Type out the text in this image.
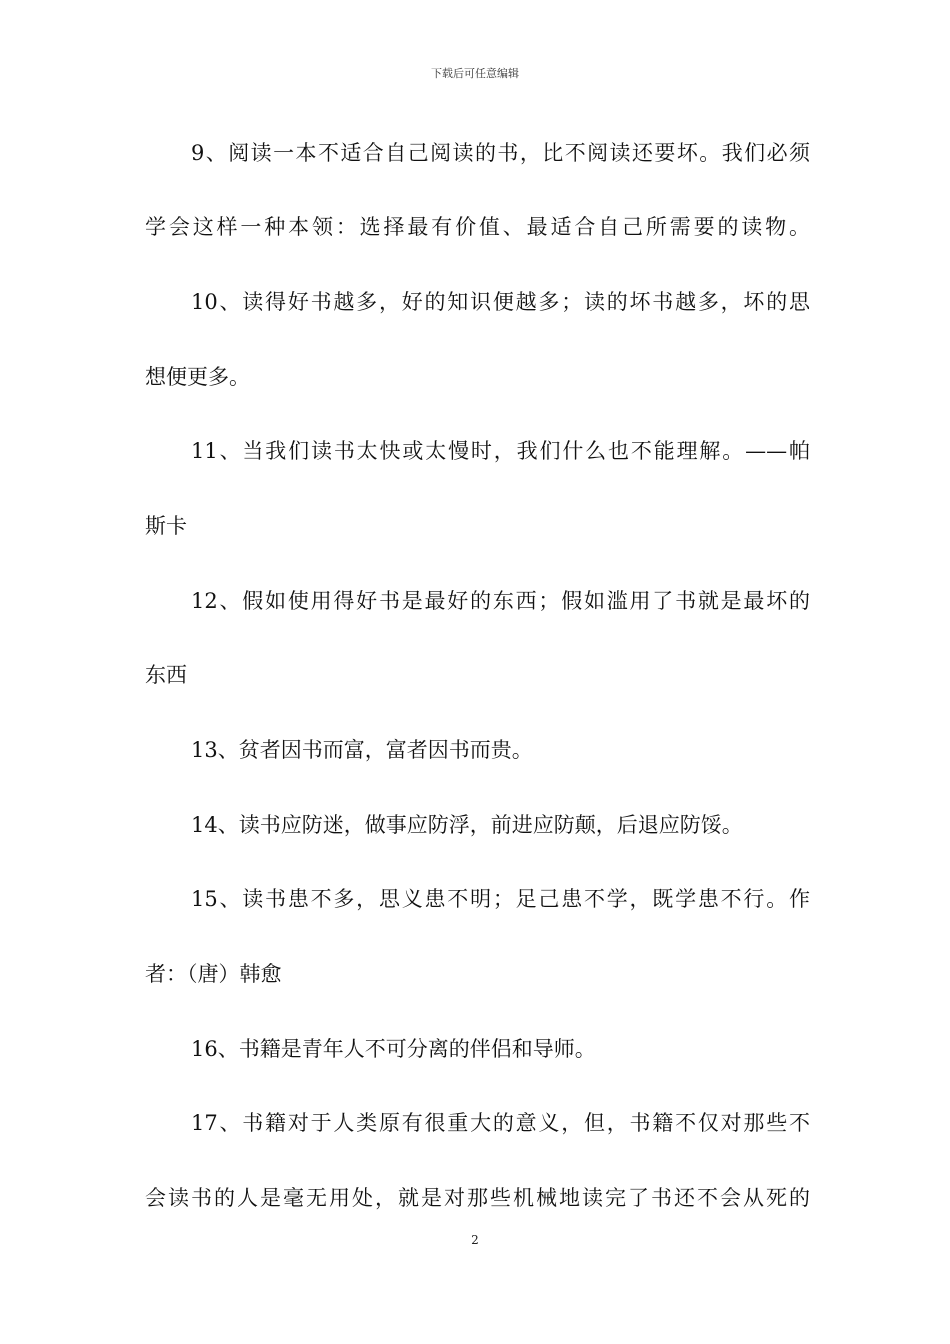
下载后可任意编辑
9、阅读一本不适合自己阅读的书，比不阅读还要坏。我们必须
学会这样一种本领：选择最有价值、最适合自己所需要的读物。
10、读得好书越多，好的知识便越多；读的坏书越多，坏的思
想便更多。
11、当我们读书太快或太慢时，我们什么也不能理解。——帕
斯卡
12、假如使用得好书是最好的东西；假如滥用了书就是最坏的
东西
13、贫者因书而富，富者因书而贵。
14、读书应防迷，做事应防浮，前进应防颠，后退应防馁。
15、读书患不多，思义患不明；足己患不学，既学患不行。作
者：（唐）韩愈
16、书籍是青年人不可分离的伴侣和导师。
17、书籍对于人类原有很重大的意义，但，书籍不仅对那些不
会读书的人是毫无用处，就是对那些机械地读完了书还不会从死的
2
